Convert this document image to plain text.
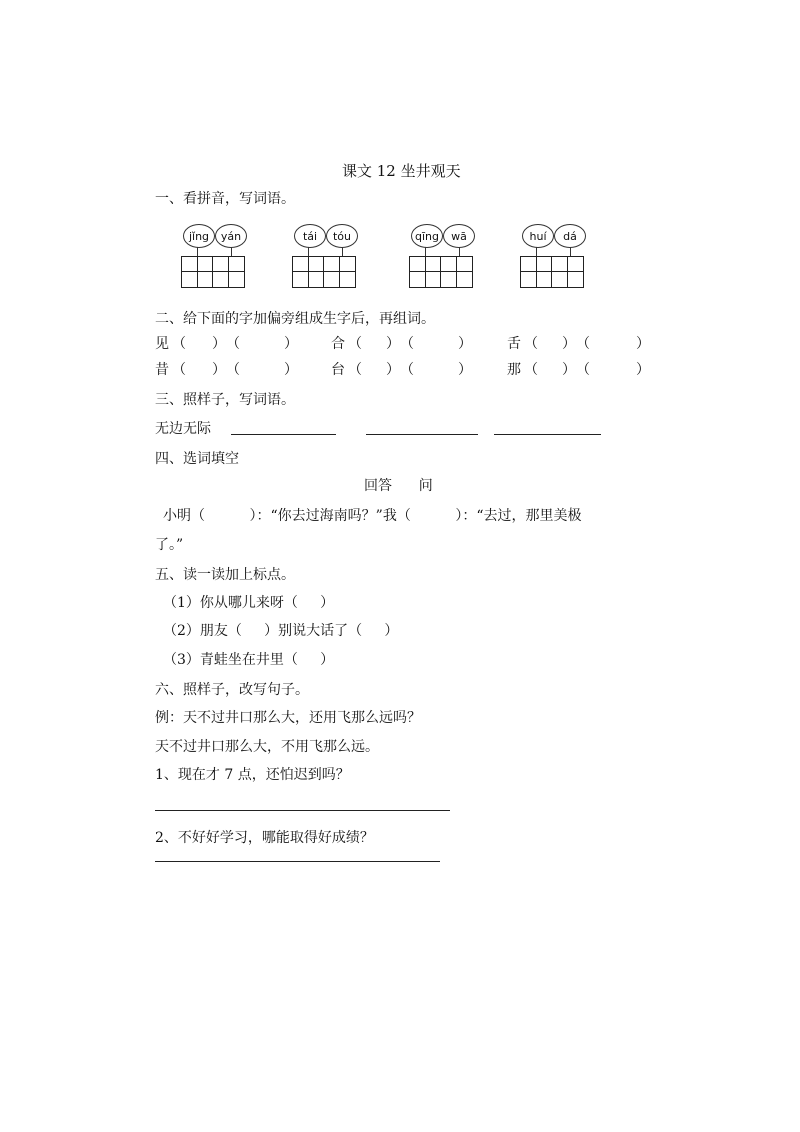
课文 12 坐井观天
一、看拼音，写词语。
jǐng	yán	tái	tóu	qīng	wā	huí	dá
二、给下面的字加偏旁组成生字后，再组词。
见 （ ） （	） 合 （ ） （	）	舌 （ ） （	）
昔 （ ） （	） 台 （ ） （	）	那 （ ） （	）
三、照样子，写词语。
无边无际
四、选词填空
回答      问
小明（          ）：“你去过海南吗？”我（          ）：“去过，那里美极
了。”
五、读一读加上标点。
（1）你从哪儿来呀（     ）
（2）朋友（     ）别说大话了（     ）
（3）青蛙坐在井里（     ）
六、照样子，改写句子。
例：天不过井口那么大，还用飞那么远吗？
天不过井口那么大，不用飞那么远。
1、现在才 7 点，还怕迟到吗？
2、不好好学习，哪能取得好成绩？
